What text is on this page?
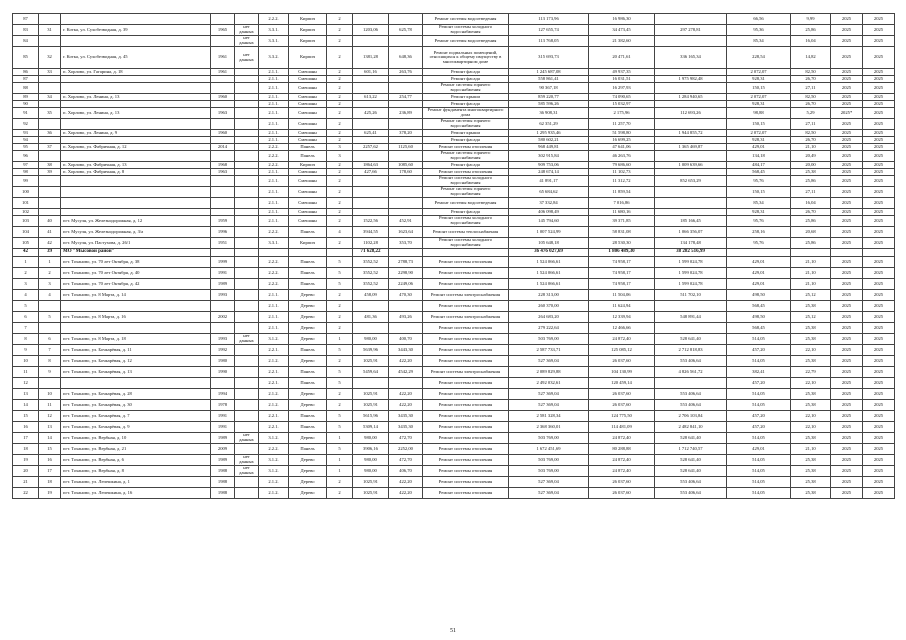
87					2.2.2.	Кирпич	2			Ремонт системы водоотведения	113 173,96	16 986,30		66,56	9,99	2025	2025
83	31	г. Котка, ул. Сухобезводная, д. 39	1965	нет данных	3.3.1.	Кирпич	2	1203,06	625,78	Ремонт системы холодного водоснабжения	127 655,74	34 473,45	297 278,81	95,36	25,86	2025	2025
84				нет данных	3.3.1.	Кирпич	2			Ремонт системы водоотведения	113 768,05	21 382,60		85,34	16,04	2025	2025
85	32	г. Котка, ул. Сухобезводная, д. 45	1961	нет данных	3.3.2.	Кирпич	2	1381,28	648,36	Ремонт подвальных помещений, относящихся к общему имуществу в многоквартирном доме	315 693,73	20 471,61	336 165,34	228,54	14,82	2025	2025
86	33	п. Хорлово, ул. Гагарина, д. 18	1961		2.1.1.	Смешанн	2	601,16	263,76	Ремонт фасада	1 245 687,08	49 937,35		2 072,07	82,50	2025	2025
87					2.1.1.	Смешанн	2			Ремонт фасада	558 861,41	16 031,51	1 975 982,48	928,31	26,70	2025	2025
88					2.1.1.	Смешанн	2			Ремонт системы горячего водоснабжения	90 367,18	16 297,93		150,15	27,11	2025	2025
89	34	п. Хорлово, ул. Ленина, д. 13	1960		2.1.1.	Смешанн	2	613,22	254,77	Ремонт крыши	859 220,77	74 090,65	1 284 940,65	2 072,07	82,50	2025	2025
90					2.1.1.	Смешанн	2			Ремонт фасада	585 596,26	15 032,97		928,31	26,70	2025	2025
91	35	п. Хорлово, ул. Ленина, д. 13	1963		2.1.1.	Смешанн	2	425,26	236,89	Ремонт фундамента многоквартирного дома	36 908,31	2 175,96	112 693,26	98,88	5,29	2025*	2025
92					2.1.1.	Смешанн	2			Ремонт системы горячего водоснабжения	62 351,29	11 257,70		150,15	27,11	2025	2025
93	36	п. Хорлово, ул. Ленина, д. 9	1960		2.1.1.	Смешанн	2	625,41	378,20	Ремонт крыши	1 295 935,46	51 598,80	1 944 855,72	2 072,07	82,50	2025	2025
94					2.1.1.	Смешанн	2			Ремонт фасада	580 602,21	16 699,25		928,31	26,70	2025	2025
95	37	п. Хорлово, ул. Фабричная, д. 12	2014		2.2.2.	Панель	3	2257,62	1125,60	Ремонт системы отопления	968 449,81	47 641,06	1 365 469,87	429,01	21,10	2025	2025
96					2.2.2.	Панель	3			Ремонт системы горячего водоснабжения	302 915,84	46 263,76		134,18	20,49	2025	2025
97	38	п. Хорлово, ул. Фабричная, д. 13	1968		2.2.2.	Кирпич	2	1864,63	1085,60	Ремонт фасада	909 753,06	79 686,60	1 009 639,66	484,17	20,00	2025	2025
98	39	п. Хорлово, ул. Фабричная, д. 8	1963		2.1.1.	Смешанн	2	427,66	178,60	Ремонт системы отопления	248 674,14	11 102,73		568,45	25,38	2025	2025
99					2.1.1.	Смешанн	2			Ремонт системы холодного водоснабжения	41 891,17	11 312,72	852 653,29	95,76	25,86	2025	2025
100					2.1.1.	Смешанн	2			Ремонт системы горячего водоснабжения	65 684,62	11 859,54		150,15	27,11	2025	2025
101					2.1.1.	Смешанн	2			Ремонт системы водоотведения	37 332,84	7 016,86		85,34	16,04	2025	2025
102					2.1.1.	Смешанн	2			Ремонт фасада	406 098,49	11 680,16		928,31	26,70	2025	2025
103	40	пгт. Мусуля, ул. Железнодорожная, д. 12	1959		2.1.1.	Смешанн	2	1522,56	452,91	Ремонт системы холодного водоснабжения	145 794,60	39 371,85	185 166,45	95,76	25,86	2025	2025
104	41	пгт. Мусуля, ул. Железнодорожная, д. 3/а	1996		2.2.2.	Панель	4	3944,55	1623,64	Ремонт системы теплоснабжения	1 007 524,99	58 831,08	1 066 356,07	258,16	20,68	2025	2025
105	42	пгт. Мусуля, ул. Пастухова, д. 26/1	1951		3.3.1.	Кирпич	2	1102,28	353,70	Ремонт системы холодного водоснабжения	105 648,18	28 530,30	134 178,48	95,76	25,86	2025	2025
42	39	МО "Мысовой район"						71 628,22			36 476 027,69	1 806 489,30	38 282 516,99				
1	1	пгт. Тоханово, ул. 70 лет Октября, д. 38	1999		2.2.2.	Панель	5	3552,52	2788,73	Ремонт системы отопления	1 524 066,61	74 958,17	1 599 024,78	429,01	21,10	2025	2025
2	2	пгт. Тоханово, ул. 70 лет Октября, д. 40	1991		2.2.2.	Панель	5	3552,52	2298,90	Ремонт системы отопления	1 524 066,61	74 958,17	1 599 024,78	429,01	21,10	2025	2025
3	3	пгт. Тоханово, ул. 70 лет Октября, д. 42	1989		2.2.2.	Панель	5	3552,52	2249,06	Ремонт системы отопления	1 524 066,61	74 958,17	1 599 024,78	429,01	21,10	2025	2025
4	4	пгт. Тоханово, ул. 8 Марта, д. 14	1993		2.1.1.	Дерево	2	458,09	470,30	Ремонт системы электроснабжения	228 313,00	11 504,06	511 702,10	498,50	25,12	2025	2025
5					2.1.1.	Дерево	2			Ремонт системы отопления	260 370,00	11 624,94		568,45	25,38	2025	2025
6	5	пгт. Тоханово, ул. 8 Марта, д. 16	2002		2.1.1.	Дерево	2	481,36	493,26	Ремонт системы электроснабжения	264 683,20	12 339,94	548 891,44	498,50	25,12	2025	2025
7					2.1.1.	Дерево	2			Ремонт системы отопления	279 222,64	12 466,66		568,45	25,38	2025	2025
8	6	пгт. Тоханово, ул. 8 Марта, д. 18	1993	нет данных	3.1.2.	Дерево	1	980,00	400,70	Ремонт системы отопления	503 769,00	24 872,40	528 641,40	514,05	25,38	2025	2025
9	7	пгт. Тоханово, ул. Бочкарёвая, д. 11	1992		2.2.1.	Панель	5	5639,96	3443,30	Ремонт системы отопления	2 587 733,71	125 085,12	2 712 818,83	457,20	22,10	2025	2025
10	8	пгт. Тоханово, ул. Бочкарёвая, д. 12	1980		2.1.2.	Дерево	2	1025,91	422,20	Ремонт системы отопления	527 369,04	26 037,60	553 406,64	514,05	25,38	2025	2025
11	9	пгт. Тоханово, ул. Бочкарёвая, д. 13	1990		2.2.1.	Панель	5	5459,64	4542,29	Ремонт системы электроснабжения	2 089 829,88	104 130,99	4 826 561,72	382,41	22,79	2025	2025
12					2.2.1.	Панель	5			Ремонт системы отопления	2 492 032,61	120 459,14		457,20	22,10	2025	2025
13	10	пгт. Тоханово, ул. Бочкарёвая, д. 28	1994		2.1.2.	Дерево	2	1025,91	422,20	Ремонт системы отопления	527 369,04	26 037,60	553 406,64	514,05	25,38	2025	2025
14	11	пгт. Тоханово, ул. Бочкарёвая, д. 30	1978		2.1.2.	Дерево	2	1025,91	422,20	Ремонт системы отопления	527 369,04	26 037,60	553 406,64	514,05	25,38	2025	2025
15	12	пгт. Тоханово, ул. Бочкарёвая, д. 7	1991		2.2.1.	Панель	5	5615,96	3435,30	Ремонт системы отопления	2 581 328,34	124 775,50	2 706 103,84	457,20	22,10	2025	2025
16	13	пгт. Тоханово, ул. Бочкарёвая, д. 9	1991		2.2.1.	Панель	5	5309,14	3435,30	Ремонт системы отопления	2 368 360,01	114 481,09	2 482 841,10	457,20	22,10	2025	2025
17	14	пгт. Тоханово, ул. Вербная, д. 10	1989	нет данных	3.1.2.	Дерево	1	980,00	472,70	Ремонт системы отопления	503 769,00	24 872,40	528 641,40	514,05	25,38	2025	2025
18	15	пгт. Тоханово, ул. Вербная, д. 21	2009		2.2.2.	Панель	5	3906,16	2252,00	Ремонт системы отопления	1 672 451,69	80 288,88	1 712 740,57	429,01	21,10	2025	2025
19	16	пгт. Тоханово, ул. Вербная, д. 6	1989	нет данных	3.1.2.	Дерево	1	980,00	472,70	Ремонт системы отопления	503 769,00	24 872,40	528 641,40	514,05	25,38	2025	2025
20	17	пгт. Тоханово, ул. Вербная, д. 8	1988	нет данных	3.1.2.	Дерево	1	980,00	406,70	Ремонт системы отопления	503 769,00	24 872,40	528 641,40	514,05	25,38	2025	2025
21	18	пгт. Тоханово, ул. Лепешкина, д. 1	1988		2.1.2.	Дерево	2	1025,91	422,20	Ремонт системы отопления	527 369,04	26 037,60	553 406,64	514,05	25,38	2025	2025
22	19	пгт. Тоханово, ул. Лепешкина, д. 16	1988		2.1.2.	Дерево	2	1025,91	422,20	Ремонт системы отопления	527 369,04	26 037,60	553 406,64	514,05	25,38	2025	2025
51
